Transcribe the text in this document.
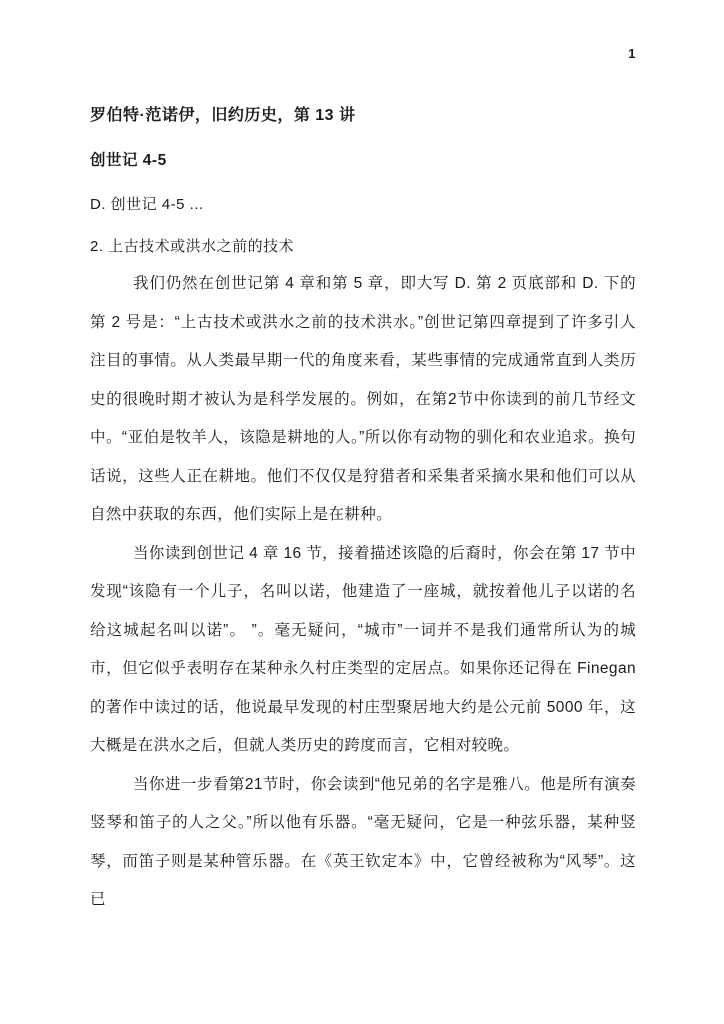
1
罗伯特·范诺伊，旧约历史，第 13 讲
创世记 4-5
D. 创世记 4-5 ...
2. 上古技术或洪水之前的技术

我们仍然在创世记第 4 章和第 5 章，即大写 D. 第 2 页底部和 D. 下的第 2 号是：“上古技术或洪水之前的技术洪水。”创世记第四章提到了许多引人注目的事情。从人类最早期一代的角度来看，某些事情的完成通常直到人类历史的很晚时期才被认为是科学发展的。例如，在第2节中你读到的前几节经文中。“亚伯是牧羊人，该隐是耕地的人。”所以你有动物的驯化和农业追求。换句话说，这些人正在耕地。他们不仅仅是狩猎者和采集者采摘水果和他们可以从自然中获取的东西，他们实际上是在耕种。

当你读到创世记 4 章 16 节，接着描述该隐的后裔时，你会在第 17 节中发现“该隐有一个儿子，名叫以诺，他建造了一座城，就按着他儿子以诺的名给这城起名叫以诺”。 ”。毫无疑问，“城市”一词并不是我们通常所认为的城市，但它似乎表明存在某种永久村庄类型的定居点。如果你还记得在 Finegan 的著作中读过的话，他说最早发现的村庄型聚居地大约是公元前 5000 年，这大概是在洪水之后，但就人类历史的跨度而言，它相对较晚。

当你进一步看第21节时，你会读到“他兄弟的名字是雅八。他是所有演奏竖琴和笛子的人之父。”所以他有乐器。“毫无疑问，它是一种弦乐器，某种竖琴，而笛子则是某种管乐器。在《英王钦定本》中，它曾经被称为“风琴”。这已
